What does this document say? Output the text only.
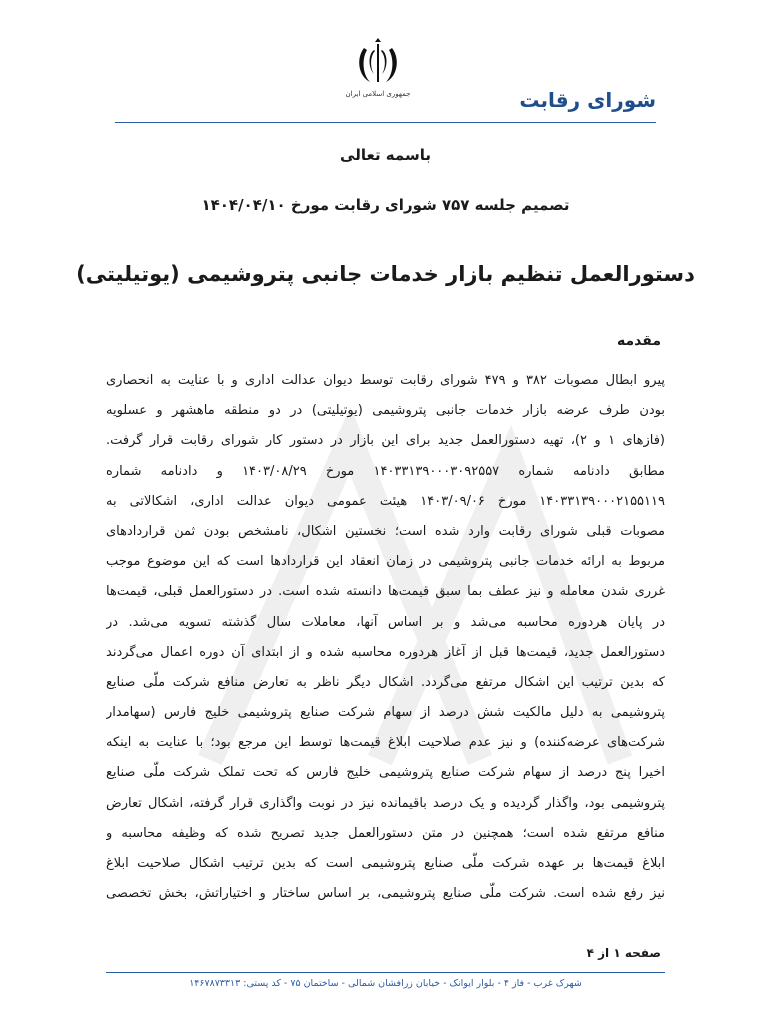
شورای رقابت
جمهوری اسلامی ایران
باسمه تعالی
تصمیم جلسه ۷۵۷ شورای رقابت مورخ ۱۴۰۴/۰۴/۱۰
دستورالعمل تنظیم بازار خدمات جانبی پتروشیمی (یوتیلیتی)
مقدمه

پیرو ابطال مصوبات ۳۸۲ و ۴۷۹ شورای رقابت توسط دیوان عدالت اداری و با عنایت به انحصاری
بودن طرف عرضه بازار خدمات جانبی پتروشیمی (یوتیلیتی) در دو منطقه ماهشهر و عسلویه
(فازهای ۱ و ۲)، تهیه دستورالعمل جدید برای این بازار در دستور کار شورای رقابت قرار گرفت.
مطابق دادنامه شماره ۱۴۰۳۳۱۳۹۰۰۰۳۰۹۲۵۵۷ مورخ ۱۴۰۳/۰۸/۲۹ و دادنامه شماره
۱۴۰۳۳۱۳۹۰۰۰۲۱۵۵۱۱۹ مورخ ۱۴۰۳/۰۹/۰۶ هیئت عمومی دیوان عدالت اداری، اشکالاتی به
مصوبات قبلی شورای رقابت وارد شده است؛ نخستین اشکال، نامشخص بودن ثمن قراردادهای
مربوط به ارائه خدمات جانبی پتروشیمی در زمان انعقاد این قراردادها است که این موضوع موجب
غرری شدن معامله و نیز عطف بما سبق قیمت‌ها دانسته شده است. در دستورالعمل قبلی، قیمت‌ها
در پایان هردوره محاسبه می‌شد و بر اساس آنها، معاملات سال گذشته تسویه می‌شد. در
دستورالعمل جدید، قیمت‌ها قبل از آغاز هردوره محاسبه شده و از ابتدای آن دوره اعمال می‌گردند
که بدین ترتیب این اشکال مرتفع می‌گردد. اشکال دیگر ناظر به تعارض منافع شرکت ملّی صنایع
پتروشیمی به دلیل مالکیت شش درصد از سهام شرکت صنایع پتروشیمی خلیج فارس (سهامدار
شرکت‌های عرضه‌کننده) و نیز عدم صلاحیت ابلاغ قیمت‌ها توسط این مرجع بود؛ با عنایت به اینکه
اخیرا پنج درصد از سهام شرکت صنایع پتروشیمی خلیج فارس که تحت تملک شرکت ملّی صنایع
پتروشیمی بود، واگذار گردیده و یک درصد باقیمانده نیز در نوبت واگذاری قرار گرفته، اشکال تعارض
منافع مرتفع شده است؛ همچنین در متن دستورالعمل جدید تصریح شده که وظیفه محاسبه و
ابلاغ قیمت‌ها بر عهده شرکت ملّی صنایع پتروشیمی است که بدین ترتیب اشکال صلاحیت ابلاغ
نیز رفع شده است. شرکت ملّی صنایع پتروشیمی، بر اساس ساختار و اختیاراتش، بخش تخصصی

صفحه ۱ از ۴
شهرک غرب - فاز ۴ - بلوار ایوانک - خیابان زرافشان شمالی - ساختمان ۷۵ - کد پستی: ۱۴۶۷۸۷۳۳۱۳
